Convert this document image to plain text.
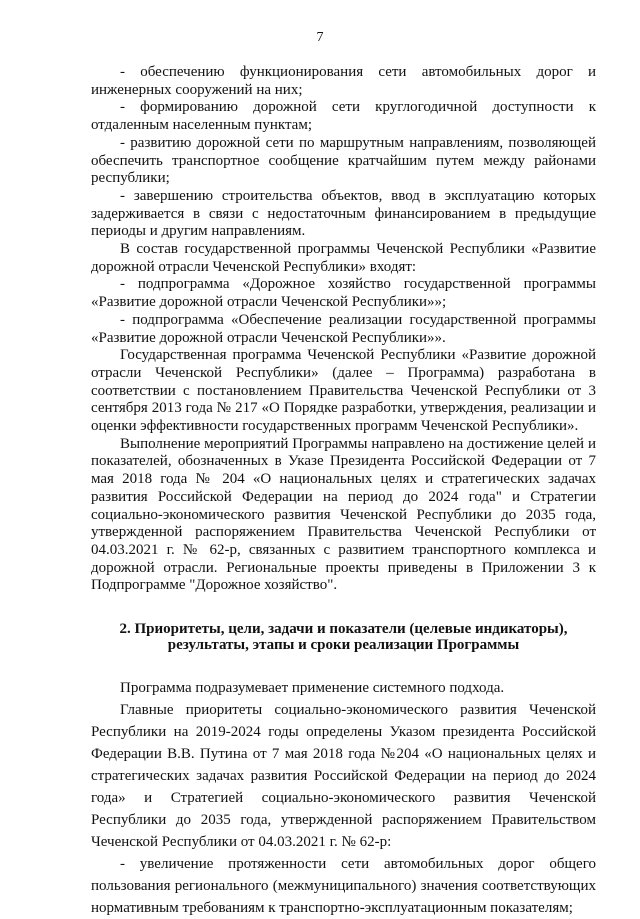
7

- обеспечению функционирования сети автомобильных дорог и инженерных сооружений на них;

- формированию дорожной сети круглогодичной доступности к отдаленным населенным пунктам;

- развитию дорожной сети по маршрутным направлениям, позволяющей обеспечить транспортное сообщение кратчайшим путем между районами республики;

- завершению строительства объектов, ввод в эксплуатацию которых задерживается в связи с недостаточным финансированием в предыдущие периоды и другим направлениям.

В состав государственной программы Чеченской Республики «Развитие дорожной отрасли Чеченской Республики» входят:

- подпрограмма «Дорожное хозяйство государственной программы «Развитие дорожной отрасли Чеченской Республики»»;

- подпрограмма «Обеспечение реализации государственной программы «Развитие дорожной отрасли Чеченской Республики»».

Государственная программа Чеченской Республики «Развитие дорожной отрасли Чеченской Республики» (далее – Программа) разработана в соответствии с постановлением Правительства Чеченской Республики от 3 сентября 2013 года № 217 «О Порядке разработки, утверждения, реализации и оценки эффективности государственных программ Чеченской Республики».

Выполнение мероприятий Программы направлено на достижение целей и показателей, обозначенных в Указе Президента Российской Федерации от 7 мая 2018 года № 204 «О национальных целях и стратегических задачах развития Российской Федерации на период до 2024 года" и Стратегии социально-экономического развития Чеченской Республики до 2035 года, утвержденной распоряжением Правительства Чеченской Республики от 04.03.2021 г. № 62-р, связанных с развитием транспортного комплекса и дорожной отрасли. Региональные проекты приведены в Приложении 3 к Подпрограмме "Дорожное хозяйство".

2. Приоритеты, цели, задачи и показатели (целевые индикаторы),
результаты, этапы и сроки реализации Программы

Программа подразумевает применение системного подхода.

Главные приоритеты социально-экономического развития Чеченской Республики на 2019-2024 годы определены Указом президента Российской Федерации В.В. Путина от 7 мая 2018 года №204 «О национальных целях и стратегических задачах развития Российской Федерации на период до 2024 года» и Стратегией социально-экономического развития Чеченской Республики до 2035 года, утвержденной распоряжением Правительством Чеченской Республики от 04.03.2021 г. № 62-р:

- увеличение протяженности сети автомобильных дорог общего пользования регионального (межмуниципального) значения соответствующих нормативным требованиям к транспортно-эксплуатационным показателям;
